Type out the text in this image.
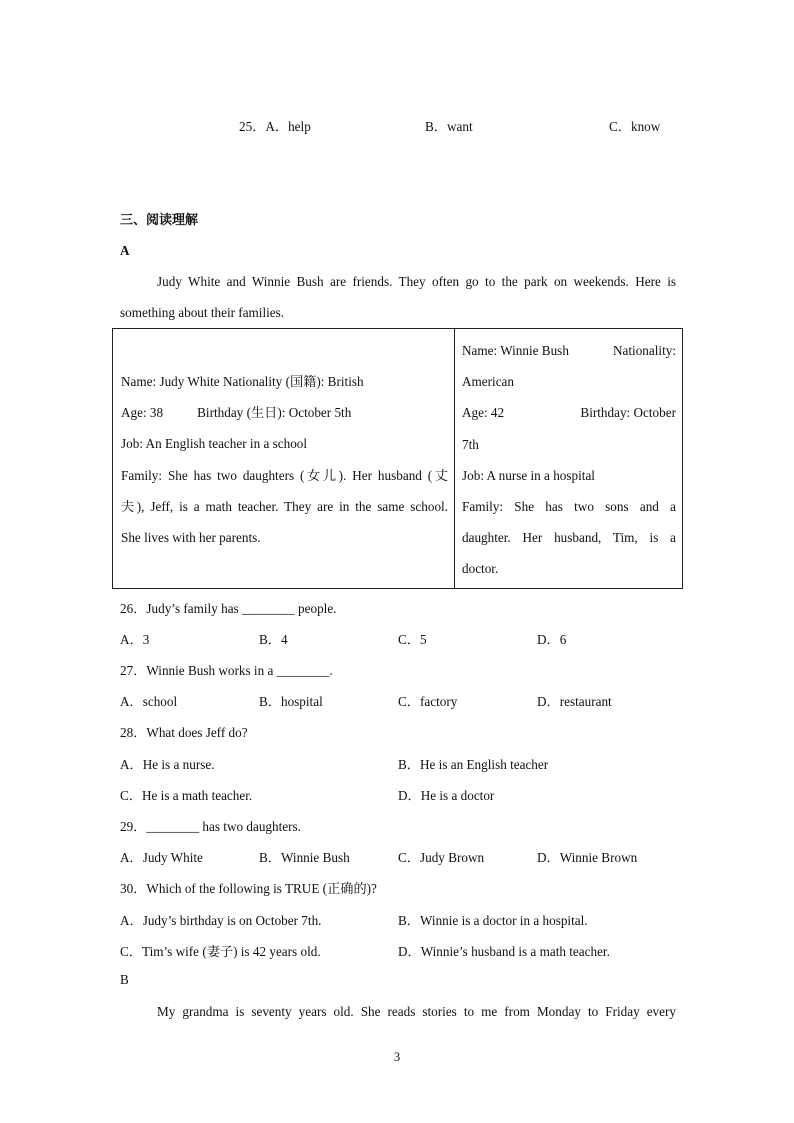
25．A．help	B．want	C．know
三、阅读理解
A
Judy White and Winnie Bush are friends. They often go to the park on weekends. Here is
something about their families.
Name: Judy White Nationality (国籍): British
Age: 38	Birthday (生日): October 5th
Job: An English teacher in a school
Family: She has two daughters (女儿). Her husband (丈
夫), Jeff, is a math teacher. They are in the same school.
She lives with her parents.

Name: Winnie Bush	Nationality:
American
Age: 42	Birthday: October
7th
Job: A nurse in a hospital
Family: She has two sons and a
daughter. Her husband, Tim, is a
doctor.
26．Judy’s family has ________ people.
A．3	B．4	C．5	D．6
27．Winnie Bush works in a ________.
A．school	B．hospital	C．factory	D．restaurant
28．What does Jeff do?
A．He is a nurse.	B．He is an English teacher
C．He is a math teacher.	D．He is a doctor
29．________ has two daughters.
A．Judy White	B．Winnie Bush	C．Judy Brown	D．Winnie Brown
30．Which of the following is TRUE (正确的)?
A．Judy’s birthday is on October 7th.	B．Winnie is a doctor in a hospital.
C．Tim’s wife (妻子) is 42 years old.	D．Winnie’s husband is a math teacher.
B
My grandma is seventy years old. She reads stories to me from Monday to Friday every
3
